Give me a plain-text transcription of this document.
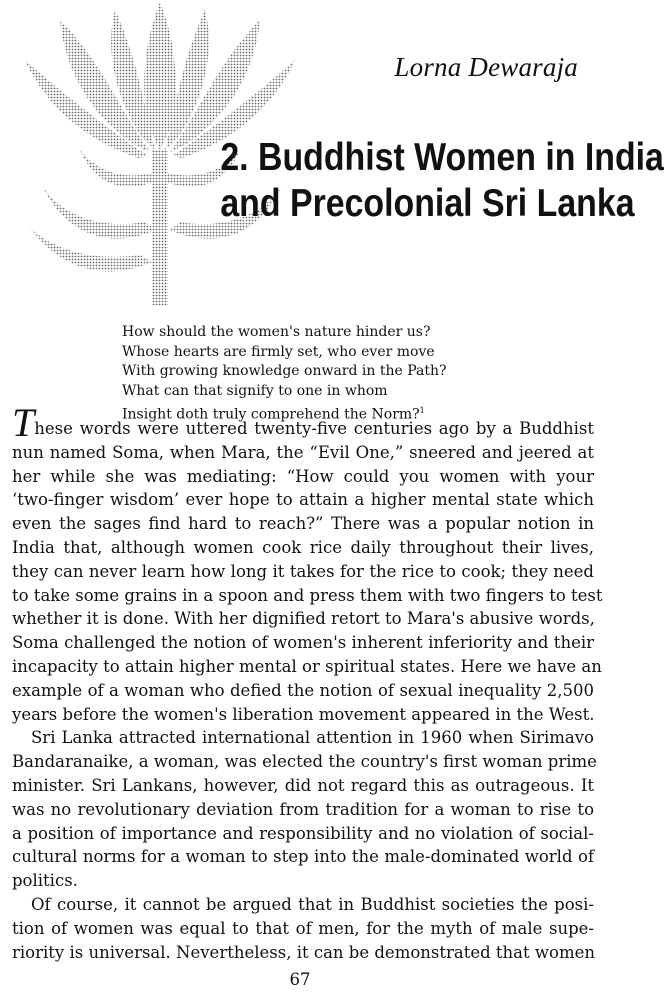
Lorna Dewaraja
2. Buddhist Women in India
and Precolonial Sri Lanka
How should the women's nature hinder us?
Whose hearts are firmly set, who ever move
With growing knowledge onward in the Path?
What can that signify to one in whom
Insight doth truly comprehend the Norm?$^1$
These words were uttered twenty-five centuries ago by a Buddhist
nun named Soma, when Mara, the “Evil One,” sneered and jeered at
her while she was mediating: “How could you women with your
‘two-finger wisdom’ ever hope to attain a higher mental state which
even the sages find hard to reach?” There was a popular notion in
India that, although women cook rice daily throughout their lives,
they can never learn how long it takes for the rice to cook; they need
to take some grains in a spoon and press them with two fingers to test
whether it is done. With her dignified retort to Mara's abusive words,
Soma challenged the notion of women's inherent inferiority and their
incapacity to attain higher mental or spiritual states. Here we have an
example of a woman who defied the notion of sexual inequality 2,500
years before the women's liberation movement appeared in the West.
Sri Lanka attracted international attention in 1960 when Sirimavo
Bandaranaike, a woman, was elected the country's first woman prime
minister. Sri Lankans, however, did not regard this as outrageous. It
was no revolutionary deviation from tradition for a woman to rise to
a position of importance and responsibility and no violation of social-
cultural norms for a woman to step into the male-dominated world of
politics.
Of course, it cannot be argued that in Buddhist societies the posi-
tion of women was equal to that of men, for the myth of male supe-
riority is universal. Nevertheless, it can be demonstrated that women
67
